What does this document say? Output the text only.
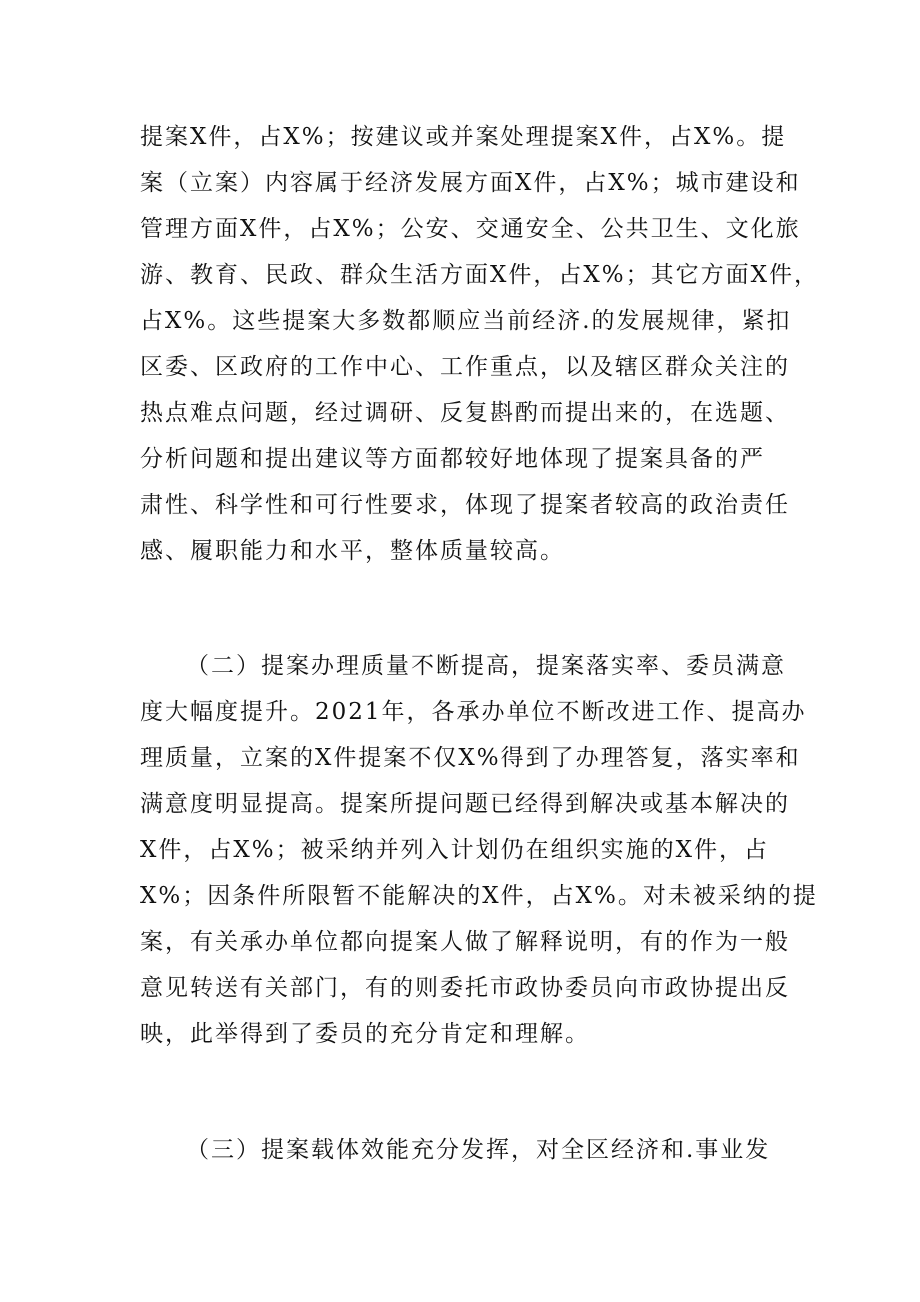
提案X件，占X%；按建议或并案处理提案X件，占X%。提
案（立案）内容属于经济发展方面X件，占X%；城市建设和
管理方面X件，占X%；公安、交通安全、公共卫生、文化旅
游、教育、民政、群众生活方面X件，占X%；其它方面X件，
占X%。这些提案大多数都顺应当前经济.的发展规律，紧扣
区委、区政府的工作中心、工作重点，以及辖区群众关注的
热点难点问题，经过调研、反复斟酌而提出来的，在选题、
分析问题和提出建议等方面都较好地体现了提案具备的严
肃性、科学性和可行性要求，体现了提案者较高的政治责任
感、履职能力和水平，整体质量较高。
（二）提案办理质量不断提高，提案落实率、委员满意
度大幅度提升。2021年，各承办单位不断改进工作、提高办
理质量，立案的X件提案不仅X%得到了办理答复，落实率和
满意度明显提高。提案所提问题已经得到解决或基本解决的
X件，占X%；被采纳并列入计划仍在组织实施的X件，占
X%；因条件所限暂不能解决的X件，占X%。对未被采纳的提
案，有关承办单位都向提案人做了解释说明，有的作为一般
意见转送有关部门，有的则委托市政协委员向市政协提出反
映，此举得到了委员的充分肯定和理解。
（三）提案载体效能充分发挥，对全区经济和.事业发
